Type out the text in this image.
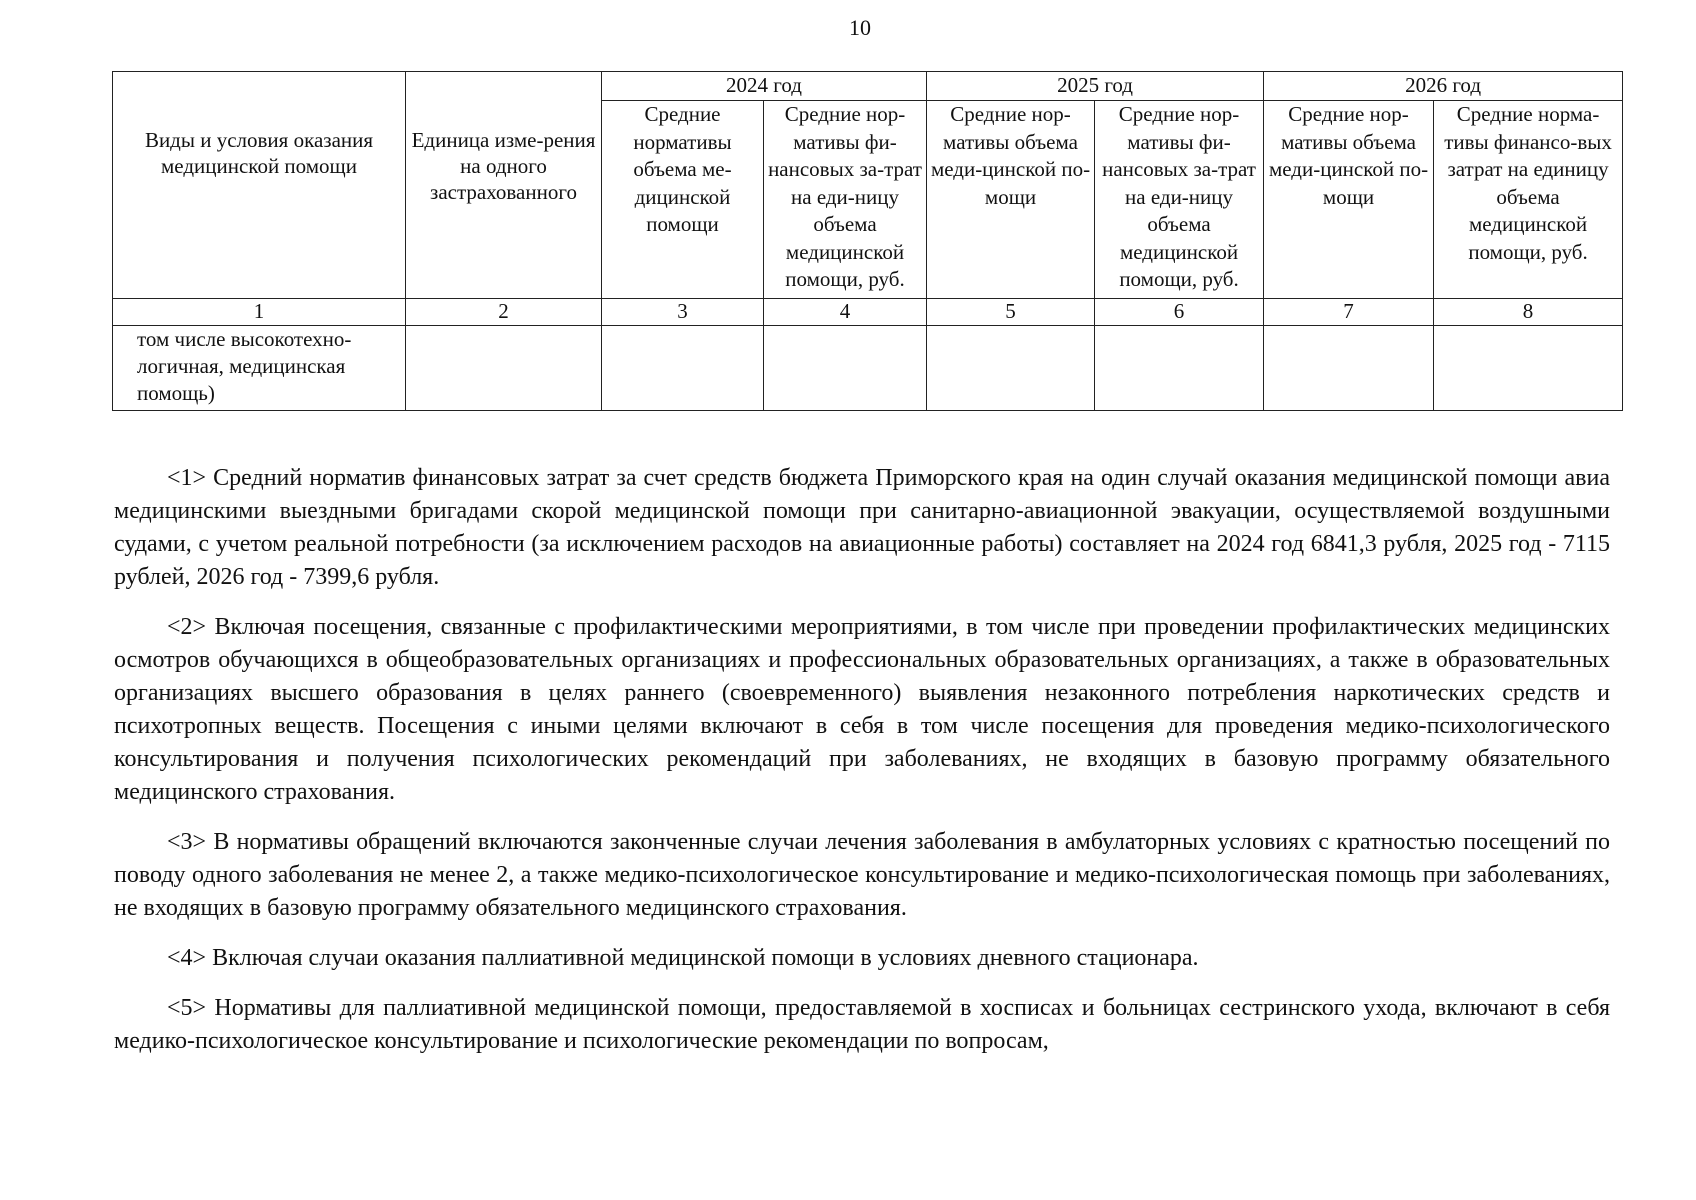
10
Виды и условия оказания медицинской помощи	Единица изме-рения на одного застрахованного	2024 год		2025 год		2026 год	
		Средние нормативы объема ме-дицинской помощи	Средние нор-мативы фи-нансовых за-трат на еди-ницу объема медицинской помощи, руб.	Средние нор-мативы объема меди-цинской по-мощи	Средние нор-мативы фи-нансовых за-трат на еди-ницу объема медицинской помощи, руб.	Средние нор-мативы объема меди-цинской по-мощи	Средние норма-тивы финансо-вых затрат на единицу объема медицинской помощи, руб.
1	2	3	4	5	6	7	8
том числе высокотехно-логичная, медицинская помощь)							

<1> Средний норматив финансовых затрат за счет средств бюджета Приморского края на один случай оказания медицинской помощи авиа медицинскими выездными бригадами скорой медицинской помощи при санитарно-авиационной эвакуации, осуществляемой воздушными судами, с учетом реальной потребности (за исключением расходов на авиационные работы) составляет на 2024 год 6841,3 рубля, 2025 год - 7115 рублей, 2026 год - 7399,6 рубля.

<2> Включая посещения, связанные с профилактическими мероприятиями, в том числе при проведении профилактических медицинских осмотров обучающихся в общеобразовательных организациях и профессиональных образовательных организациях, а также в образовательных организациях высшего образования в целях раннего (своевременного) выявления незаконного потребления наркотических средств и психотропных веществ. Посещения с иными целями включают в себя в том числе посещения для проведения медико-психологического консультирования и получения психологических рекомендаций при заболеваниях, не входящих в базовую программу обязательного медицинского страхования.

<3> В нормативы обращений включаются законченные случаи лечения заболевания в амбулаторных условиях с кратностью посещений по поводу одного заболевания не менее 2, а также медико-психологическое консультирование и медико-психологическая помощь при заболеваниях, не входящих в базовую программу обязательного медицинского страхования.

<4> Включая случаи оказания паллиативной медицинской помощи в условиях дневного стационара.

<5> Нормативы для паллиативной медицинской помощи, предоставляемой в хосписах и больницах сестринского ухода, включают в себя медико-психологическое консультирование и психологические рекомендации по вопросам,
